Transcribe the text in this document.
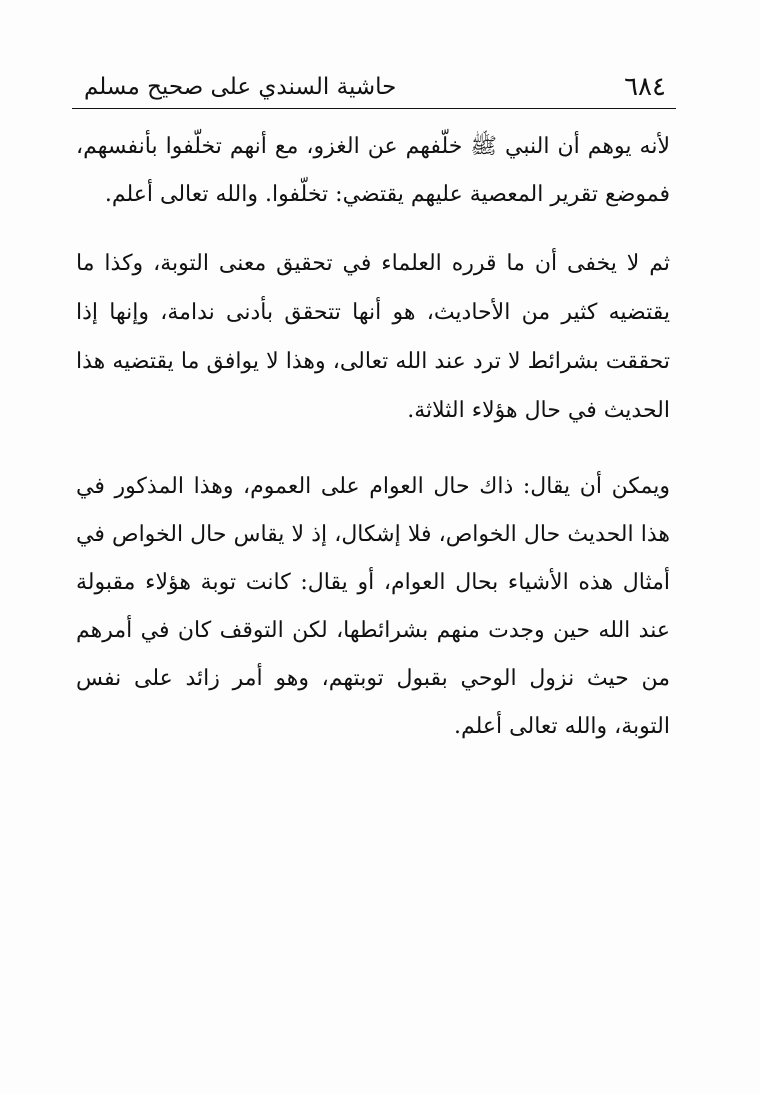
٦٨٤
حاشية السندي على صحيح مسلم

لأنه يوهم أن النبي ﷺ خلّفهم عن الغزو، مع أنهم تخلّفوا بأنفسهم، فموضع تقرير المعصية عليهم يقتضي: تخلّفوا. والله تعالى أعلم.

ثم لا يخفى أن ما قرره العلماء في تحقيق معنى التوبة، وكذا ما يقتضيه كثير من الأحاديث، هو أنها تتحقق بأدنى ندامة، وإنها إذا تحققت بشرائط لا ترد عند الله تعالى، وهذا لا يوافق ما يقتضيه هذا الحديث في حال هؤلاء الثلاثة.

ويمكن أن يقال: ذاك حال العوام على العموم، وهذا المذكور في هذا الحديث حال الخواص، فلا إشكال، إذ لا يقاس حال الخواص في أمثال هذه الأشياء بحال العوام، أو يقال: كانت توبة هؤلاء مقبولة عند الله حين وجدت منهم بشرائطها، لكن التوقف كان في أمرهم من حيث نزول الوحي بقبول توبتهم، وهو أمر زائد على نفس التوبة، والله تعالى أعلم.
